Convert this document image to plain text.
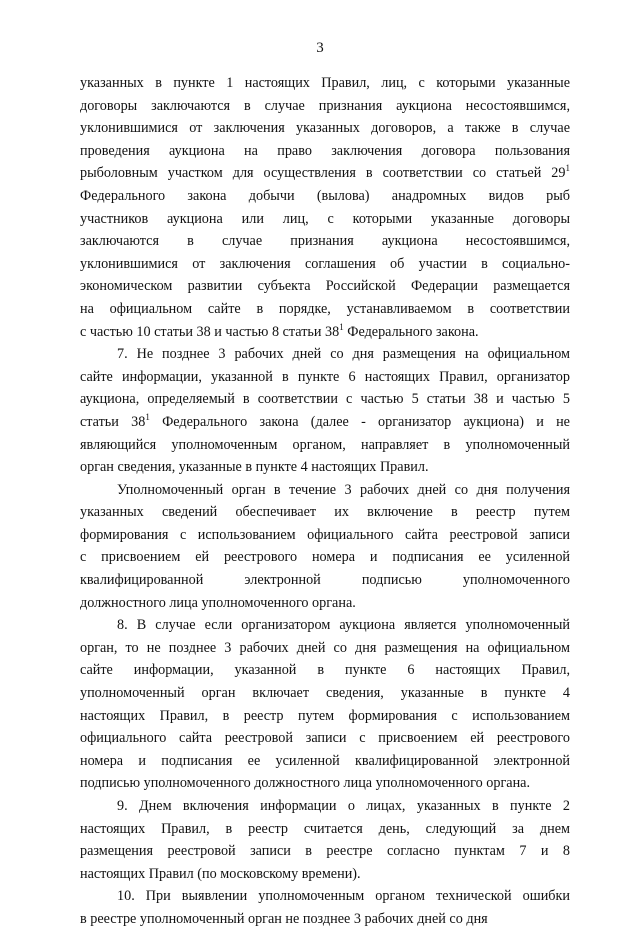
3
указанных в пункте 1 настоящих Правил, лиц, с которыми указанные
договоры заключаются в случае признания аукциона несостоявшимся,
уклонившимися от заключения указанных договоров, а также в случае
проведения аукциона на право заключения договора пользования
рыболовным участком для осуществления в соответствии со статьей $29^1$
Федерального закона добычи (вылова) анадромных видов рыб
участников аукциона или лиц, с которыми указанные договоры
заключаются в случае признания аукциона несостоявшимся,
уклонившимися от заключения соглашения об участии в социально-
экономическом развитии субъекта Российской Федерации размещается
на официальном сайте в порядке, устанавливаемом в соответствии
с частью 10 статьи 38 и частью 8 статьи $38^1$ Федерального закона.
7. Не позднее 3 рабочих дней со дня размещения на официальном
сайте информации, указанной в пункте 6 настоящих Правил, организатор
аукциона, определяемый в соответствии с частью 5 статьи 38 и частью 5
статьи $38^1$ Федерального закона (далее - организатор аукциона) и не
являющийся уполномоченным органом, направляет в уполномоченный
орган сведения, указанные в пункте 4 настоящих Правил.
Уполномоченный орган в течение 3 рабочих дней со дня получения
указанных сведений обеспечивает их включение в реестр путем
формирования с использованием официального сайта реестровой записи
с присвоением ей реестрового номера и подписания ее усиленной
квалифицированной электронной подписью уполномоченного
должностного лица уполномоченного органа.
8. В случае если организатором аукциона является уполномоченный
орган, то не позднее 3 рабочих дней со дня размещения на официальном
сайте информации, указанной в пункте 6 настоящих Правил,
уполномоченный орган включает сведения, указанные в пункте 4
настоящих Правил, в реестр путем формирования с использованием
официального сайта реестровой записи с присвоением ей реестрового
номера и подписания ее усиленной квалифицированной электронной
подписью уполномоченного должностного лица уполномоченного органа.
9. Днем включения информации о лицах, указанных в пункте 2
настоящих Правил, в реестр считается день, следующий за днем
размещения реестровой записи в реестре согласно пунктам 7 и 8
настоящих Правил (по московскому времени).
10. При выявлении уполномоченным органом технической ошибки
в реестре уполномоченный орган не позднее 3 рабочих дней со дня
